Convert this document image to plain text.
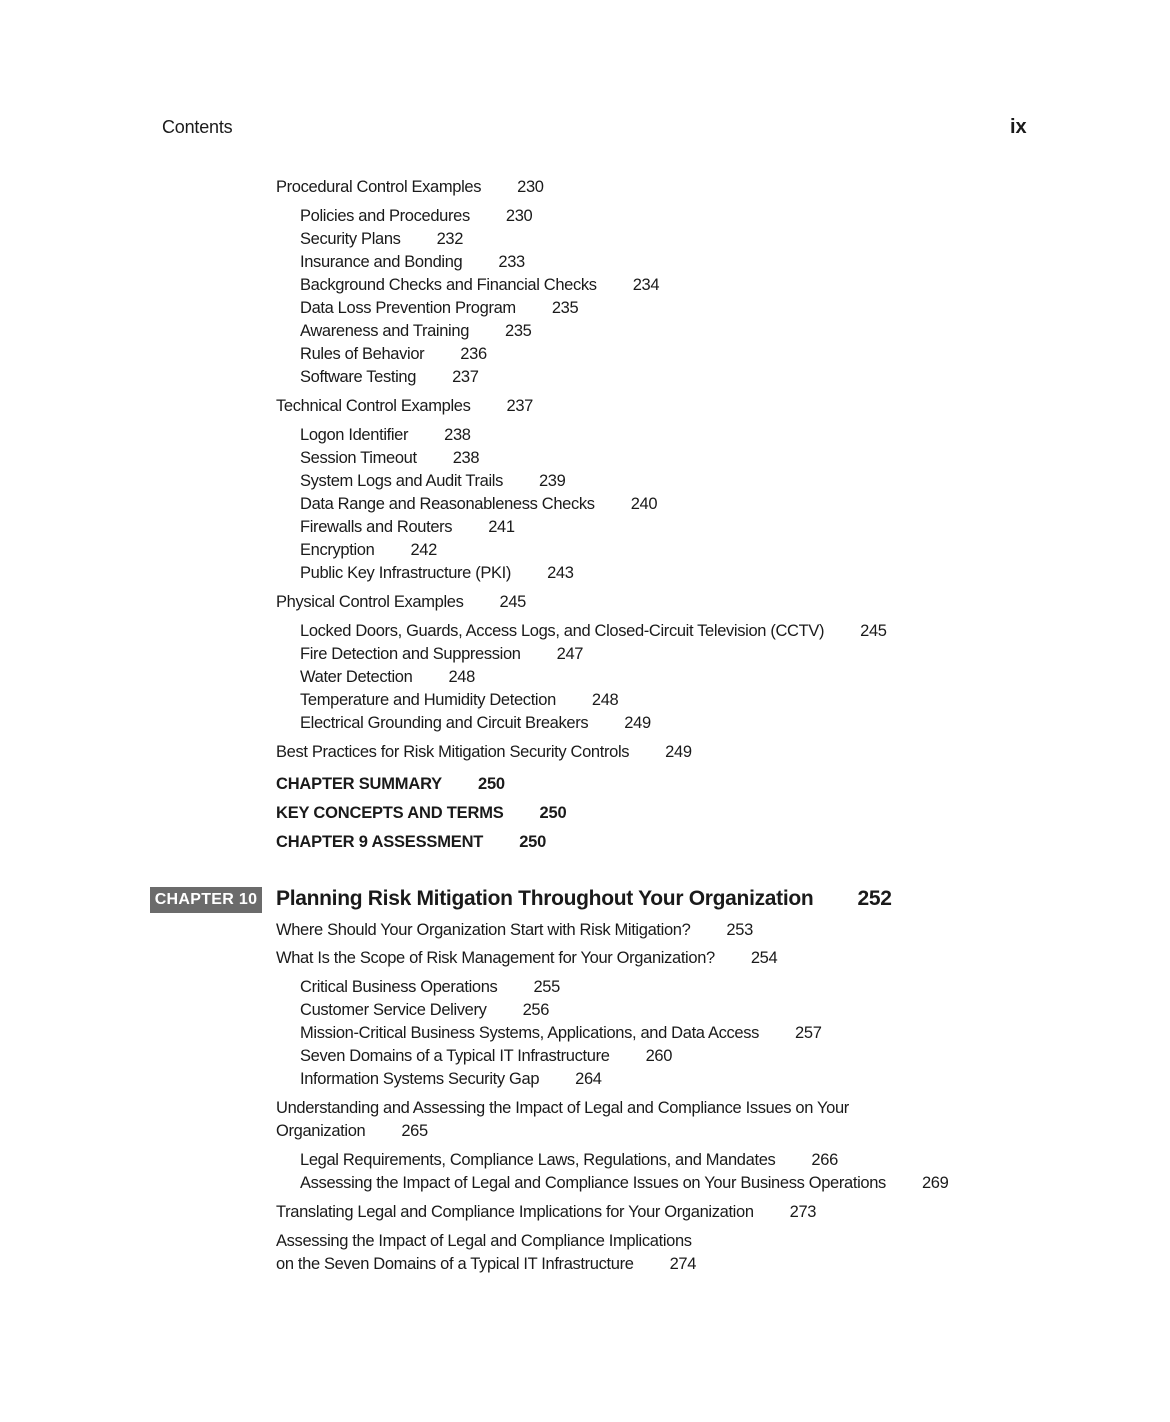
Contents	ix
Procedural Control Examples 230
Policies and Procedures 230
Security Plans 232
Insurance and Bonding 233
Background Checks and Financial Checks 234
Data Loss Prevention Program 235
Awareness and Training 235
Rules of Behavior 236
Software Testing 237
Technical Control Examples 237
Logon Identifier 238
Session Timeout 238
System Logs and Audit Trails 239
Data Range and Reasonableness Checks 240
Firewalls and Routers 241
Encryption 242
Public Key Infrastructure (PKI) 243
Physical Control Examples 245
Locked Doors, Guards, Access Logs, and Closed-Circuit Television (CCTV) 245
Fire Detection and Suppression 247
Water Detection 248
Temperature and Humidity Detection 248
Electrical Grounding and Circuit Breakers 249
Best Practices for Risk Mitigation Security Controls 249
CHAPTER SUMMARY 250
KEY CONCEPTS AND TERMS 250
CHAPTER 9 ASSESSMENT 250
CHAPTER 10 Planning Risk Mitigation Throughout Your Organization 252
Where Should Your Organization Start with Risk Mitigation? 253
What Is the Scope of Risk Management for Your Organization? 254
Critical Business Operations 255
Customer Service Delivery 256
Mission-Critical Business Systems, Applications, and Data Access 257
Seven Domains of a Typical IT Infrastructure 260
Information Systems Security Gap 264
Understanding and Assessing the Impact of Legal and Compliance Issues on Your
Organization 265
Legal Requirements, Compliance Laws, Regulations, and Mandates 266
Assessing the Impact of Legal and Compliance Issues on Your Business Operations 269
Translating Legal and Compliance Implications for Your Organization 273
Assessing the Impact of Legal and Compliance Implications
on the Seven Domains of a Typical IT Infrastructure 274
